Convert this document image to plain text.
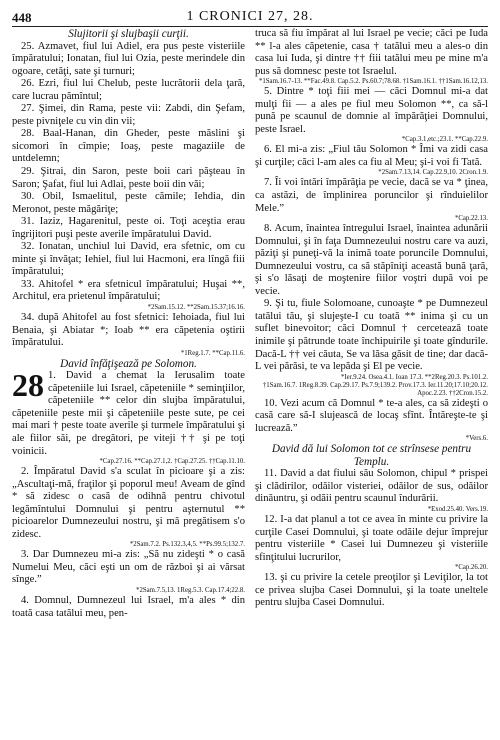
448	1 CRONICI 27, 28.

Slujitorii şi slujbaşii curţii.

25. Azmavet, fiul lui Adiel, era pus peste visteriile împăratului; Ionatan, fiul lui Ozia, peste merindele din ogoare, cetăţi, sate şi turnuri;

26. Ezri, fiul lui Chelub, peste lucrătorii dela ţară, care lucrau pămîntul;

27. Şimei, din Rama, peste vii: Zabdi, din Şefam, peste pivniţele cu vin din vii;

28. Baal-Hanan, din Gheder, peste măslini şi sicomori în cîmpie; Ioaş, peste magaziile de untdelemn;

29. Şitrai, din Saron, peste boii cari păşteau în Saron; Şafat, fiul lui Adlai, peste boii din văi;

30. Obil, Ismaelitul, peste cămile; Iehdia, din Meronot, peste măgăriţe;

31. Iaziz, Hagarenitul, peste oi. Toţi aceştia erau îngrijitori puşi peste averile împăratului David.

32. Ionatan, unchiul lui David, era sfetnic, om cu minte şi învăţat; Iehiel, fiul lui Hacmoni, era lîngă fiii împăratului;

33. Ahitofel * era sfetnicul împăratului; Huşai **, Architul, era prietenul împăratului;

*2Sam.15.12. **2Sam.15.37;16.16.

34. după Ahitofel au fost sfetnici: Iehoiada, fiul lui Benaia, şi Abiatar *; Ioab ** era căpetenia oştirii împăratului.

*1Reg.1.7. **Cap.11.6.

David înfăţişează pe Solomon.

28 1. David a chemat la Ierusalim toate căpeteniile lui Israel, căpeteniile * seminţiilor, căpeteniile ** celor din slujba împăratului, căpeteniile peste mii şi căpeteniile peste sute, pe cei mai mari † peste toate averile şi turmele împăratului şi ale fiilor săi, pe dregători, pe viteji †† şi pe toţi voinicii.

*Cap.27.16. **Cap.27.1,2. †Cap.27.25. ††Cap.11.10.

2. Împăratul David s'a sculat în picioare şi a zis: „Ascultaţi-mă, fraţilor şi poporul meu! Aveam de gînd * să zidesc o casă de odihnă pentru chivotul legămîntului Domnului şi pentru aşternutul ** picioarelor Dumnezeului nostru, şi mă pregătisem s'o zidesc.

*2Sam.7.2. Ps.132.3,4,5. **Ps.99.5;132.7.

3. Dar Dumnezeu mi-a zis: „Să nu zideşti * o casă Numelui Meu, căci eşti un om de război şi ai vărsat sînge.”

*2Sam.7.5,13. 1Reg.5.3. Cap.17.4;22.8.

4. Domnul, Dumnezeul lui Israel, m'a ales * din toată casa tatălui meu, pen-

truca să fiu împărat al lui Israel pe vecie; căci pe Iuda ** l-a ales căpetenie, casa † tatălui meu a ales-o din casa lui Iuda, şi dintre †† fiii tatălui meu pe mine m'a pus să domnesc peste tot Israelul.

*1Sam.16.7-13. **Fac.49.8. Cap.5.2. Ps.60.7;78.68. †1Sam.16.1. ††1Sam.16.12,13.

5. Dintre * toţi fiii mei — căci Domnul mi-a dat mulţi fii — a ales pe fiul meu Solomon **, ca să-l pună pe scaunul de domnie al împărăţiei Domnului, peste Israel.

*Cap.3.1,etc.;23.1. **Cap.22.9.

6. El mi-a zis: „Fiul tău Solomon * Îmi va zidi casa şi curţile; căci l-am ales ca fiu al Meu; şi-i voi fi Tată.

*2Sam.7.13,14. Cap.22.9,10. 2Cron.1.9.

7. Îi voi întări împărăţia pe vecie, dacă se va * ţinea, ca astăzi, de împlinirea poruncilor şi rînduielilor Mele.”

*Cap.22.13.

8. Acum, înaintea întregului Israel, înaintea adunării Domnului, şi în faţa Dumnezeului nostru care va auzi, păziţi şi puneţi-vă la inimă toate poruncile Domnului, Dumnezeului vostru, ca să stăpîniţi această bună ţară, şi s'o lăsaţi de moştenire fiilor voştri după voi pe vecie.

9. Şi tu, fiule Solomoane, cunoaşte * pe Dumnezeul tatălui tău, şi slujeşte-I cu toată ** inima şi cu un suflet binevoitor; căci Domnul † cercetează toate inimile şi pătrunde toate închipuirile şi toate gîndurile. Dacă-L †† vei căuta, Se va lăsa găsit de tine; dar dacă-L vei părăsi, te va lepăda şi El pe vecie.

*Ier.9.24. Osea.4.1. Ioan 17.3. **2Reg.20.3. Ps.101.2.

†1Sam.16.7. 1Reg.8.39. Cap.29.17. Ps.7.9;139.2. Prov.17.3. Ier.11.20;17.10;20.12. Apoc.2.23. ††2Cron.15.2.

10. Vezi acum că Domnul * te-a ales, ca să zideşti o casă care să-I slujească de locaş sfînt. Întăreşte-te şi lucrează.”

*Vers.6.

David dă lui Solomon tot ce strînsese pentru Templu.

11. David a dat fiului său Solomon, chipul * prispei şi clădirilor, odăilor visteriei, odăilor de sus, odăilor dinăuntru, şi odăii pentru scaunul îndurării.

*Exod.25.40. Vers.19.

12. I-a dat planul a tot ce avea în minte cu privire la curţile Casei Domnului, şi toate odăile dejur împrejur pentru visteriile * Casei lui Dumnezeu şi visteriile sfinţitului lucrurilor,

*Cap.26.20.

13. şi cu privire la cetele preoţilor şi Leviţilor, la tot ce privea slujba Casei Domnului, şi la toate uneltele pentru slujba Casei Domnului.
